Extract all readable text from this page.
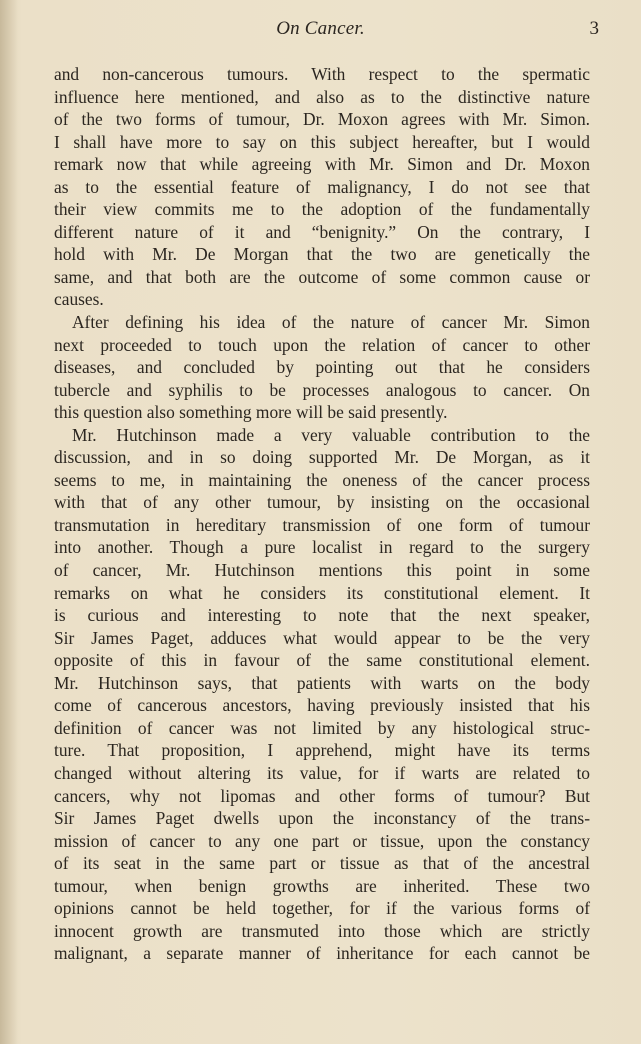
On Cancer.	3
and non-cancerous tumours. With respect to the spermatic
influence here mentioned, and also as to the distinctive nature
of the two forms of tumour, Dr. Moxon agrees with Mr. Simon.
I shall have more to say on this subject hereafter, but I would
remark now that while agreeing with Mr. Simon and Dr. Moxon
as to the essential feature of malignancy, I do not see that
their view commits me to the adoption of the fundamentally
different nature of it and “benignity.” On the contrary, I
hold with Mr. De Morgan that the two are genetically the
same, and that both are the outcome of some common cause or
causes.
After defining his idea of the nature of cancer Mr. Simon
next proceeded to touch upon the relation of cancer to other
diseases, and concluded by pointing out that he considers
tubercle and syphilis to be processes analogous to cancer. On
this question also something more will be said presently.
Mr. Hutchinson made a very valuable contribution to the
discussion, and in so doing supported Mr. De Morgan, as it
seems to me, in maintaining the oneness of the cancer process
with that of any other tumour, by insisting on the occasional
transmutation in hereditary transmission of one form of tumour
into another. Though a pure localist in regard to the surgery
of cancer, Mr. Hutchinson mentions this point in some
remarks on what he considers its constitutional element. It
is curious and interesting to note that the next speaker,
Sir James Paget, adduces what would appear to be the very
opposite of this in favour of the same constitutional element.
Mr. Hutchinson says, that patients with warts on the body
come of cancerous ancestors, having previously insisted that his
definition of cancer was not limited by any histological struc-
ture. That proposition, I apprehend, might have its terms
changed without altering its value, for if warts are related to
cancers, why not lipomas and other forms of tumour? But
Sir James Paget dwells upon the inconstancy of the trans-
mission of cancer to any one part or tissue, upon the constancy
of its seat in the same part or tissue as that of the ancestral
tumour, when benign growths are inherited. These two
opinions cannot be held together, for if the various forms of
innocent growth are transmuted into those which are strictly
malignant, a separate manner of inheritance for each cannot be
